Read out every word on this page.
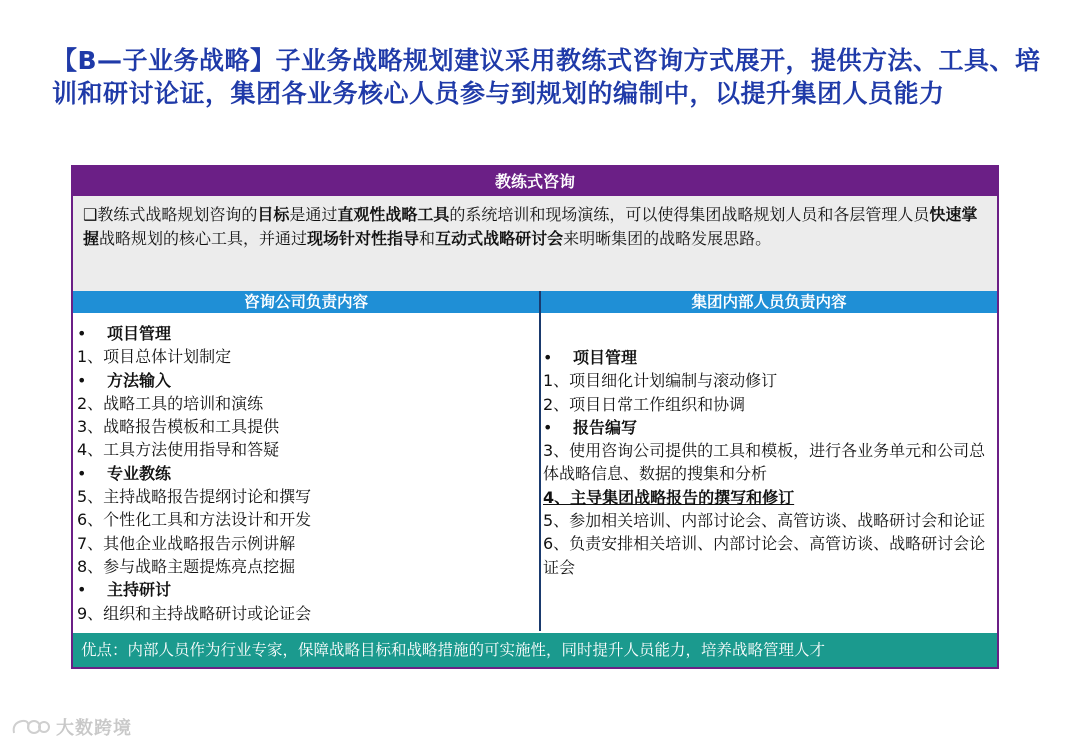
【B—子业务战略】子业务战略规划建议采用教练式咨询方式展开，提供方法、工具、培训和研讨论证，集团各业务核心人员参与到规划的编制中，以提升集团人员能力
教练式咨询
❑教练式战略规划咨询的目标是通过直观性战略工具的系统培训和现场演练，可以使得集团战略规划人员和各层管理人员快速掌握战略规划的核心工具，并通过现场针对性指导和互动式战略研讨会来明晰集团的战略发展思路。
咨询公司负责内容	集团内部人员负责内容
• 项目管理
1、项目总体计划制定
• 方法输入
2、战略工具的培训和演练
3、战略报告模板和工具提供
4、工具方法使用指导和答疑
• 专业教练
5、主持战略报告提纲讨论和撰写
6、个性化工具和方法设计和开发
7、其他企业战略报告示例讲解
8、参与战略主题提炼亮点挖掘
• 主持研讨
9、组织和主持战略研讨或论证会
• 项目管理
1、项目细化计划编制与滚动修订
2、项目日常工作组织和协调
• 报告编写
3、使用咨询公司提供的工具和模板，进行各业务单元和公司总体战略信息、数据的搜集和分析
4、主导集团战略报告的撰写和修订
5、参加相关培训、内部讨论会、高管访谈、战略研讨会和论证
6、负责安排相关培训、内部讨论会、高管访谈、战略研讨会论证会
优点：内部人员作为行业专家，保障战略目标和战略措施的可实施性，同时提升人员能力，培养战略管理人才
大数跨境
